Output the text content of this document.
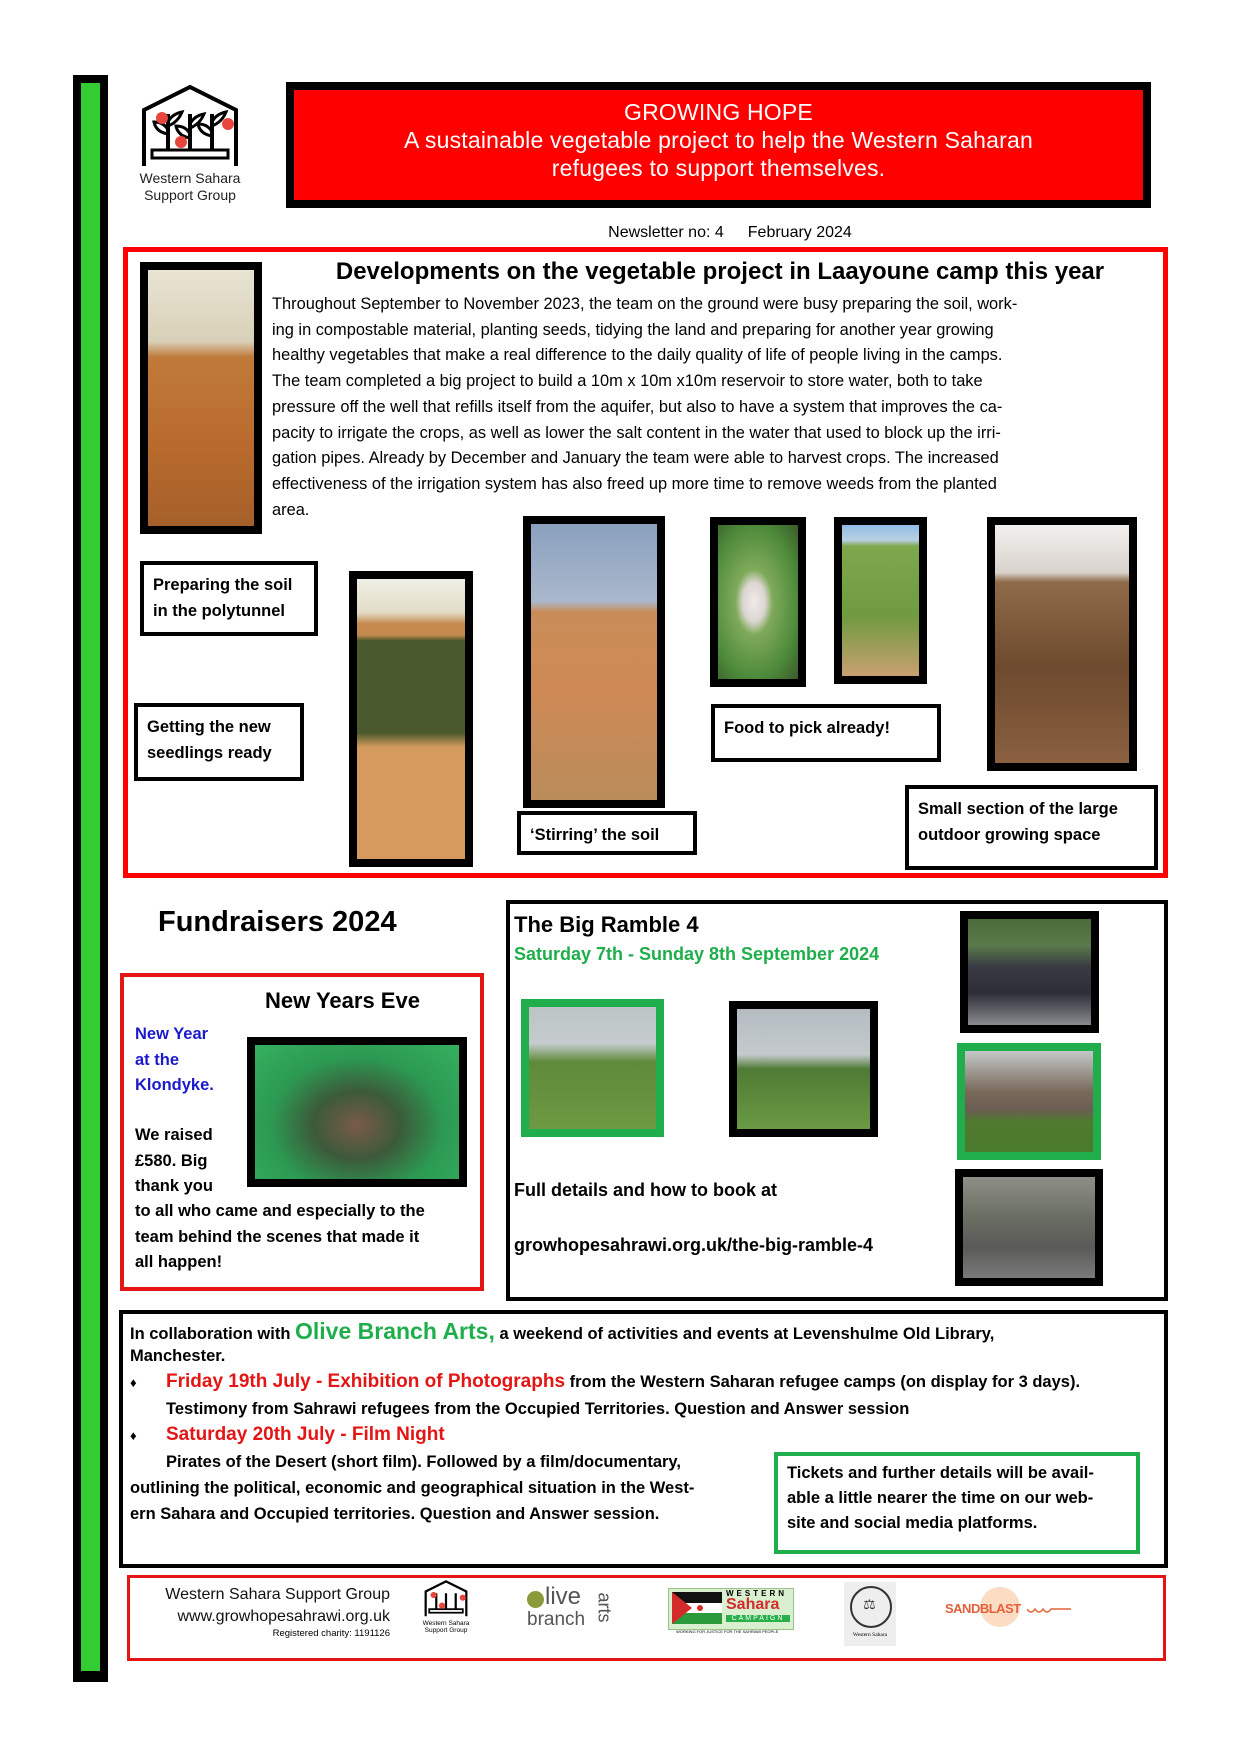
Western Sahara
Support Group
GROWING HOPE
A sustainable vegetable project to help the Western Saharan
refugees to support themselves.
Newsletter no: 4 February 2024
Developments on the vegetable project in Laayoune camp this year
Throughout September to November 2023, the team on the ground were busy preparing the soil, work-
ing in compostable material, planting seeds, tidying the land and preparing for another year growing
healthy vegetables that make a real difference to the daily quality of life of people living in the camps.
The team completed a big project to build a 10m x 10m x10m reservoir to store water, both to take
pressure off the well that refills itself from the aquifer, but also to have a system that improves the ca-
pacity to irrigate the crops, as well as lower the salt content in the water that used to block up the irri-
gation pipes. Already by December and January the team were able to harvest crops. The increased
effectiveness of the irrigation system has also freed up more time to remove weeds from the planted
area.
Preparing the soil
in the polytunnel
Getting the new
seedlings ready
‘Stirring’ the soil
Food to pick already!
Small section of the large
outdoor growing space
Fundraisers 2024
New Years Eve
New Year
at the
Klondyke.
We raised
£580. Big
thank you
to all who came and especially to the
team behind the scenes that made it
all happen!
The Big Ramble 4
Saturday 7th - Sunday 8th September 2024
Full details and how to book at
growhopesahrawi.org.uk/the-big-ramble-4
In collaboration with Olive Branch Arts, a weekend of activities and events at Levenshulme Old Library,
Manchester.
♦ Friday 19th July - Exhibition of Photographs from the Western Saharan refugee camps (on display for 3 days).
Testimony from Sahrawi refugees from the Occupied Territories. Question and Answer session
♦ Saturday 20th July - Film Night
Pirates of the Desert (short film). Followed by a film/documentary,
outlining the political, economic and geographical situation in the West-
ern Sahara and Occupied territories. Question and Answer session.
Tickets and further details will be avail-
able a little nearer the time on our web-
site and social media platforms.
Western Sahara Support Group
www.growhopesahrawi.org.uk
Registered charity: 1191126
Western Sahara
Support Group
live
branch arts	WESTERN
Sahara
CAMPAIGN
WORKING FOR JUSTICE FOR THE SAHRAWI PEOPLE
⚖
Western Sahara
SANDBLAST
